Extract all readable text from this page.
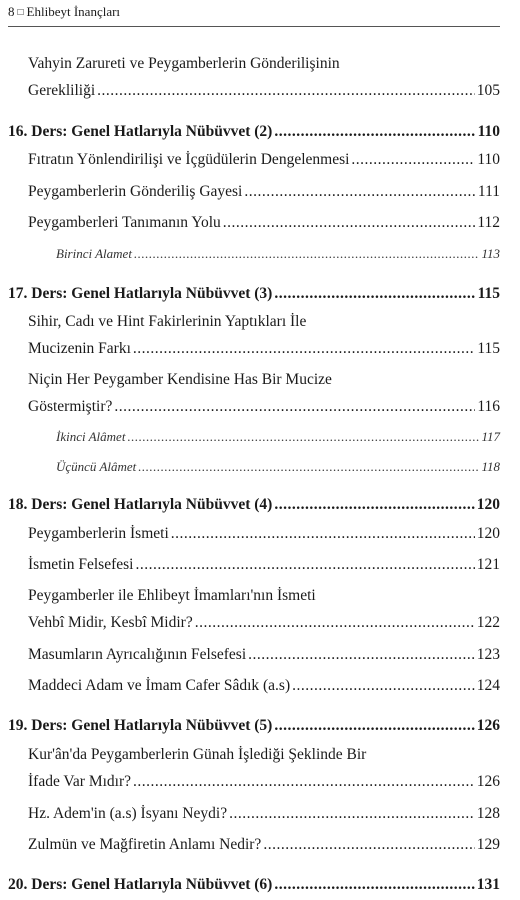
8 □ Ehlibeyt İnançları
Vahyin Zarureti ve Peygamberlerin Gönderilişinin
Gerekliliği .....	105
16. Ders: Genel Hatlarıyla Nübüvvet (2) .....	110
Fıtratın Yönlendirilişi ve İçgüdülerin Dengelenmesi .....	110
Peygamberlerin Gönderiliş Gayesi .....	111
Peygamberleri Tanımanın Yolu .....	112
Birinci Alamet .....	113
17. Ders: Genel Hatlarıyla Nübüvvet (3) .....	115
Sihir, Cadı ve Hint Fakirlerinin Yaptıkları İle
Mucizenin Farkı .....	115
Niçin Her Peygamber Kendisine Has Bir Mucize
Göstermiştir? .....	116
İkinci Alâmet .....	117
Üçüncü Alâmet .....	118
18. Ders: Genel Hatlarıyla Nübüvvet (4) .....	120
Peygamberlerin İsmeti .....	120
İsmetin Felsefesi .....	121
Peygamberler ile Ehlibeyt İmamları'nın İsmeti
Vehbî Midir, Kesbî Midir? .....	122
Masumların Ayrıcalığının Felsefesi .....	123
Maddeci Adam ve İmam Cafer Sâdık (a.s) .....	124
19. Ders: Genel Hatlarıyla Nübüvvet (5) .....	126
Kur'ân'da Peygamberlerin Günah İşlediği Şeklinde Bir
İfade Var Mıdır? .....	126
Hz. Adem'in (a.s) İsyanı Neydi? .....	128
Zulmün ve Mağfiretin Anlamı Nedir? .....	129
20. Ders: Genel Hatlarıyla Nübüvvet (6) .....	131
